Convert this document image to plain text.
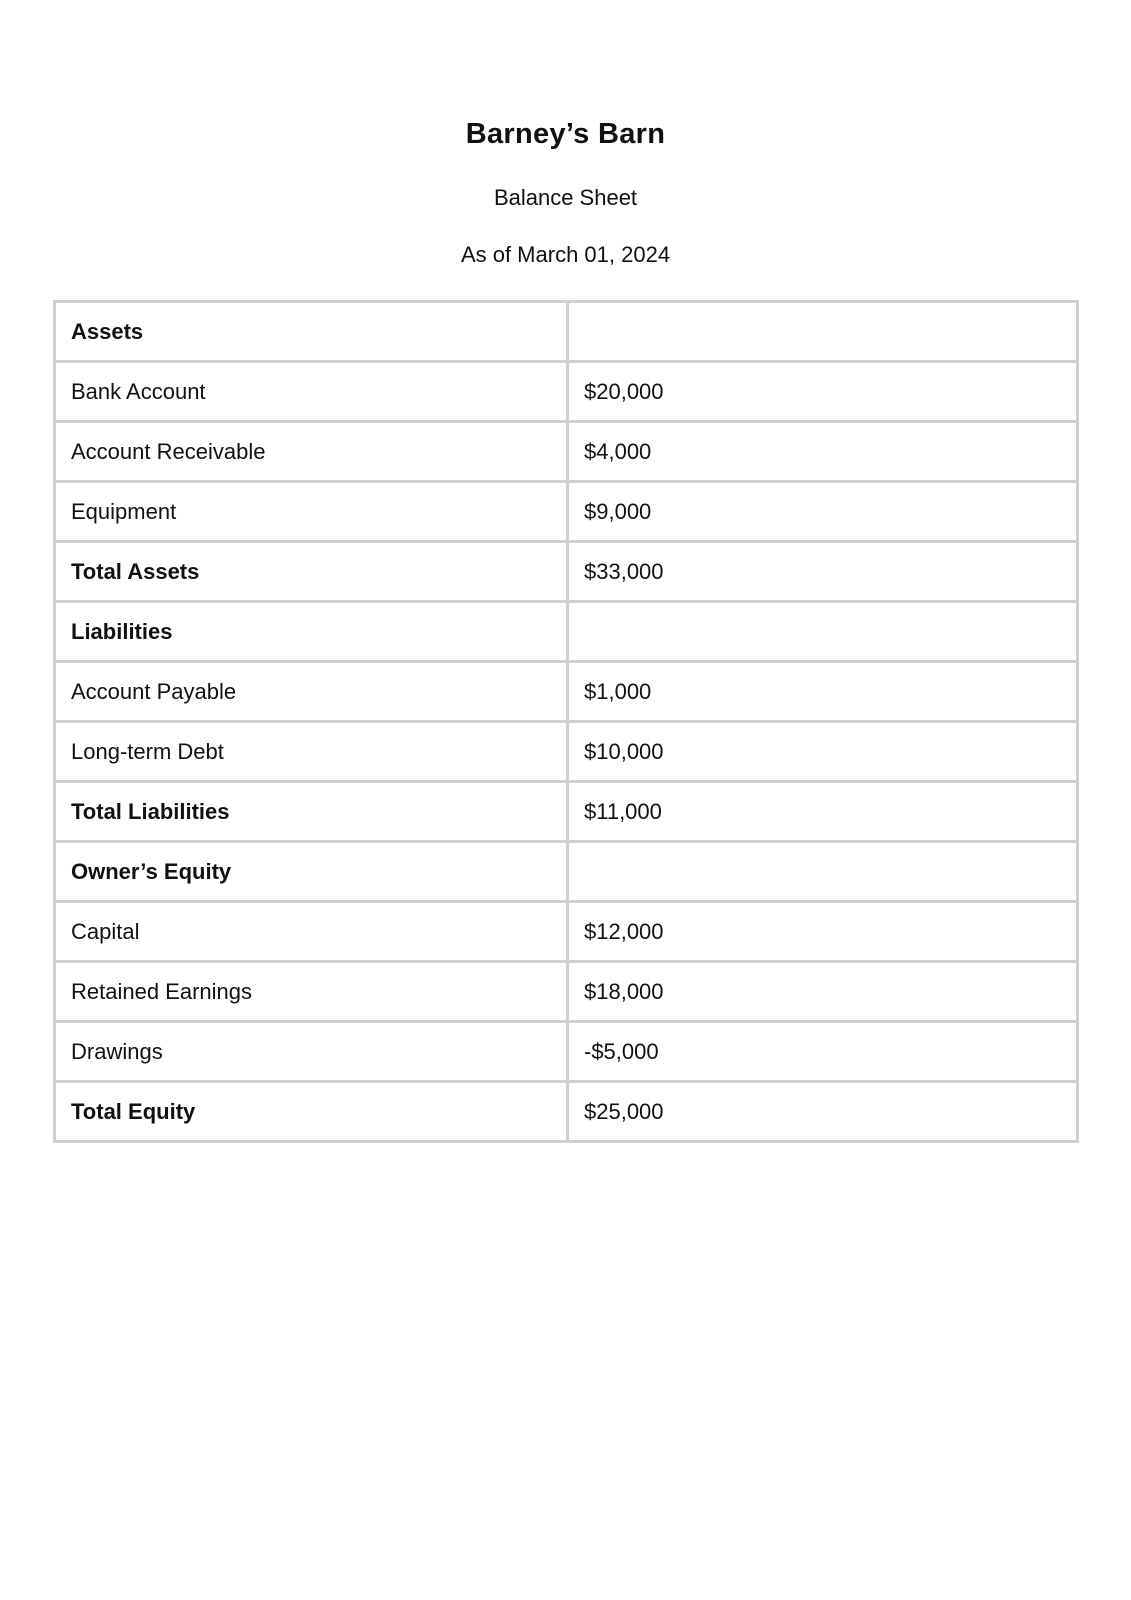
Barney’s Barn
Balance Sheet
As of March 01, 2024
Assets	
Bank Account	$20,000
Account Receivable	$4,000
Equipment	$9,000
Total Assets	$33,000
Liabilities	
Account Payable	$1,000
Long-term Debt	$10,000
Total Liabilities	$11,000
Owner’s Equity	
Capital	$12,000
Retained Earnings	$18,000
Drawings	-$5,000
Total Equity	$25,000
